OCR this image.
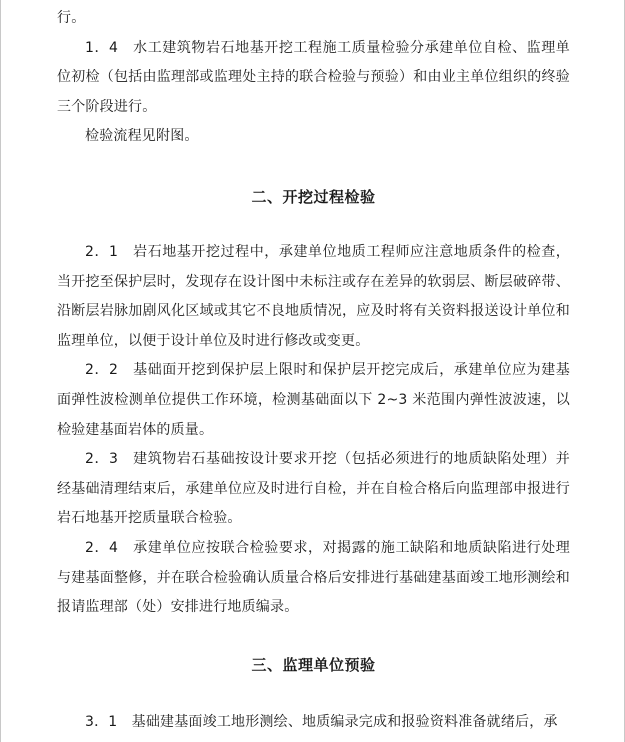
行。

1．4　水工建筑物岩石地基开挖工程施工质量检验分承建单位自检、监理单位初检（包括由监理部或监理处主持的联合检验与预验）和由业主单位组织的终验三个阶段进行。

检验流程见附图。

二、开挖过程检验

2．1　岩石地基开挖过程中，承建单位地质工程师应注意地质条件的检查，当开挖至保护层时，发现存在设计图中未标注或存在差异的软弱层、断层破碎带、沿断层岩脉加剧风化区域或其它不良地质情况，应及时将有关资料报送设计单位和监理单位，以便于设计单位及时进行修改或变更。

2．2　基础面开挖到保护层上限时和保护层开挖完成后，承建单位应为建基面弹性波检测单位提供工作环境，检测基础面以下 2~3 米范围内弹性波波速，以检验建基面岩体的质量。

2．3　建筑物岩石基础按设计要求开挖（包括必须进行的地质缺陷处理）并经基础清理结束后，承建单位应及时进行自检，并在自检合格后向监理部申报进行岩石地基开挖质量联合检验。

2．4　承建单位应按联合检验要求，对揭露的施工缺陷和地质缺陷进行处理与建基面整修，并在联合检验确认质量合格后安排进行基础建基面竣工地形测绘和报请监理部（处）安排进行地质编录。

三、监理单位预验

3．1　基础建基面竣工地形测绘、地质编录完成和报验资料准备就绪后，承
